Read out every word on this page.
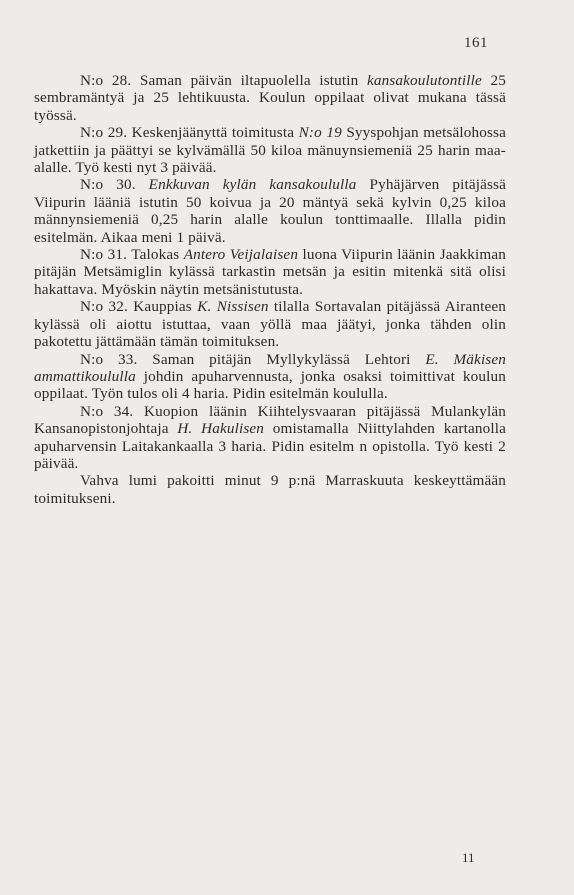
161

N:o 28. Saman päivän iltapuolella istutin kansakoulutontille 25 sembramäntyä ja 25 lehtikuusta. Koulun oppilaat olivat mukana tässä työssä.

N:o 29. Keskenjäänyttä toimitusta N:o 19 Syyspohjan metsälohossa jatkettiin ja päättyi se kylvämällä 50 kiloa mänuynsiemeniä 25 harin maa-alalle. Työ kesti nyt 3 päivää.

N:o 30. Enkkuvan kylän kansakoululla Pyhäjärven pitäjässä Viipurin lääniä istutin 50 koivua ja 20 mäntyä sekä kylvin 0,25 kiloa männynsiemeniä 0,25 harin alalle koulun tonttimaalle. Illalla pidin esitelmän. Aikaa meni 1 päivä.

N:o 31. Talokas Antero Veijalaisen luona Viipurin läänin Jaakkiman pitäjän Metsämiglin kylässä tarkastin metsän ja esitin mitenkä sitä olisi hakattava. Myöskin näytin metsänistutusta.

N:o 32. Kauppias K. Nissisen tilalla Sortavalan pitäjässä Airanteen kylässä oli aiottu istuttaa, vaan yöllä maa jäätyi, jonka tähden olin pakotettu jättämään tämän toimituksen.

N:o 33. Saman pitäjän Myllykylässä Lehtori E. Mäkisen ammattikoululla johdin apuharvennusta, jonka osaksi toimittivat koulun oppilaat. Työn tulos oli 4 haria. Pidin esitelmän koululla.

N:o 34. Kuopion läänin Kiihtelysvaaran pitäjässä Mulankylän Kansanopistonjohtaja H. Hakulisen omistamalla Niittylahden kartanolla apuharvensin Laitakankaalla 3 haria. Pidin esitelm n opistolla. Työ kesti 2 päivää.

Vahva lumi pakoitti minut 9 p:nä Marraskuuta keskeyttämään toimitukseni.

11
